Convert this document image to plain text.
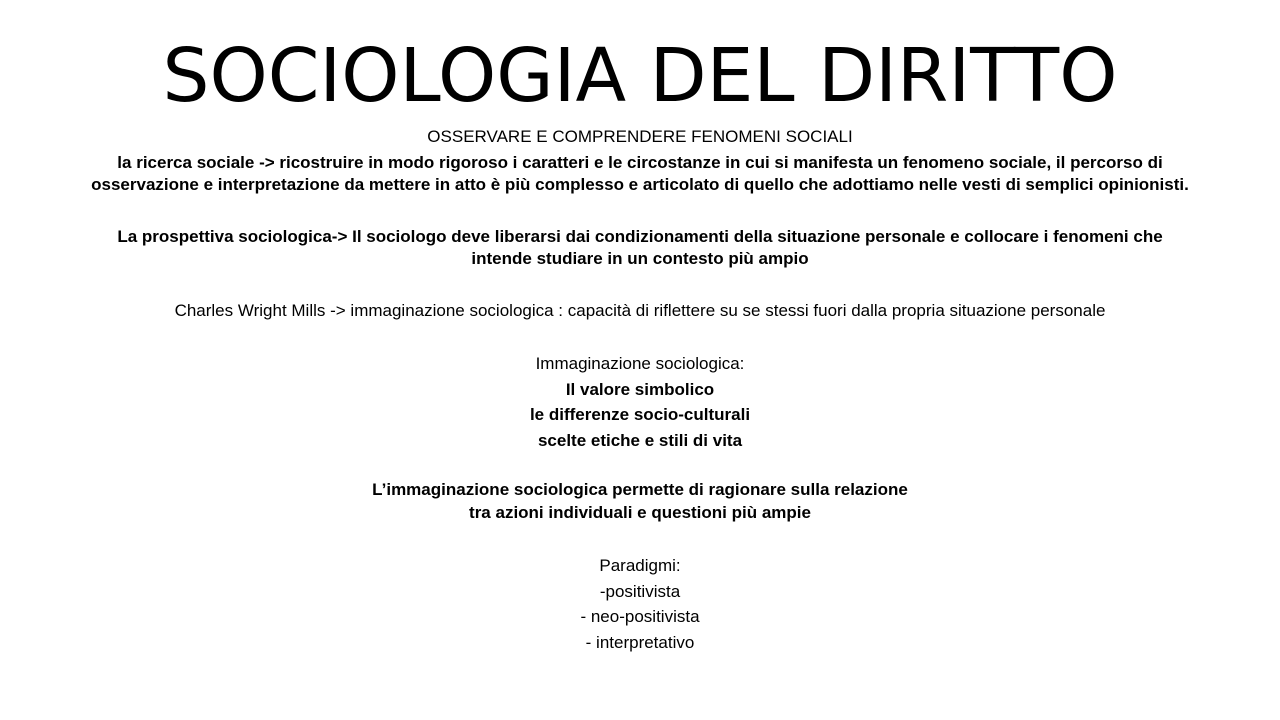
SOCIOLOGIA DEL DIRITTO
OSSERVARE E COMPRENDERE FENOMENI SOCIALI
la ricerca sociale -> ricostruire in modo rigoroso i caratteri e le circostanze in cui si manifesta un fenomeno sociale, il percorso di osservazione e interpretazione da mettere in atto è più complesso e articolato di quello che adottiamo nelle vesti di semplici opinionisti.
La prospettiva sociologica-> Il sociologo deve liberarsi dai condizionamenti della situazione personale e collocare i fenomeni che intende studiare in un contesto più ampio
Charles Wright Mills -> immaginazione sociologica : capacità di riflettere su se stessi fuori dalla propria situazione personale
Immaginazione sociologica:
Il valore simbolico
le differenze socio-culturali
scelte etiche e stili di vita
L’immaginazione sociologica permette di ragionare sulla relazione
tra azioni individuali e questioni più ampie
Paradigmi:
-positivista
- neo-positivista
- interpretativo
